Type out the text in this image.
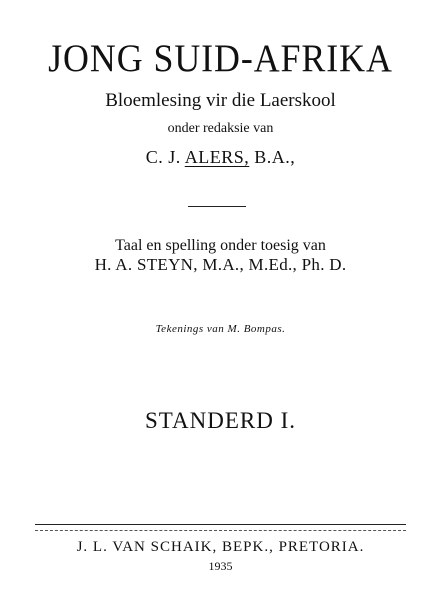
JONG SUID-AFRIKA
Bloemlesing vir die Laerskool
onder redaksie van
C. J. ALERS, B.A.,
Taal en spelling onder toesig van
H. A. STEYN, M.A., M.Ed., Ph. D.
Tekenings van M. Bompas.
STANDERD I.
J. L. VAN SCHAIK, BEPK., PRETORIA.
1935
